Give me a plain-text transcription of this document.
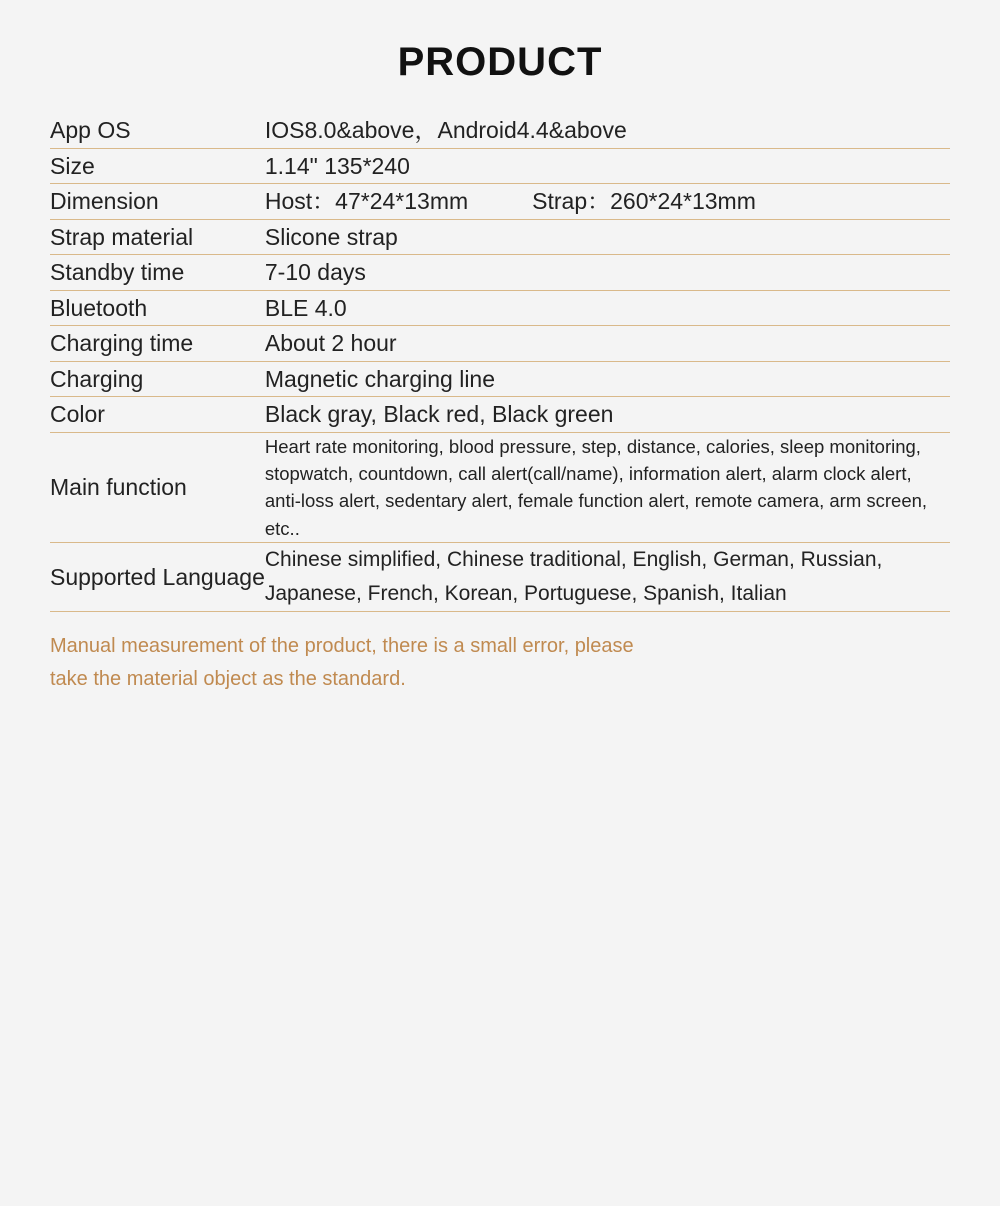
PRODUCT
App OS	IOS8.0&above，Android4.4&above
Size	1.14" 135*240
Dimension	Host：47*24*13mm Strap：260*24*13mm

Strap material	Slicone strap
Standby time	7-10 days
Bluetooth	BLE 4.0
Charging time	About 2 hour
Charging	Magnetic charging line
Color	Black gray, Black red, Black green
Main function	Heart rate monitoring, blood pressure, step, distance, calories, sleep monitoring, stopwatch, countdown, call alert(call/name), information alert, alarm clock alert, anti-loss alert, sedentary alert, female function alert, remote camera, arm screen, etc..
Supported Language	Chinese simplified, Chinese traditional, English, German, Russian, Japanese, French, Korean, Portuguese, Spanish, Italian
Manual measurement of the product, there is a small error, please
take the material object as the standard.
